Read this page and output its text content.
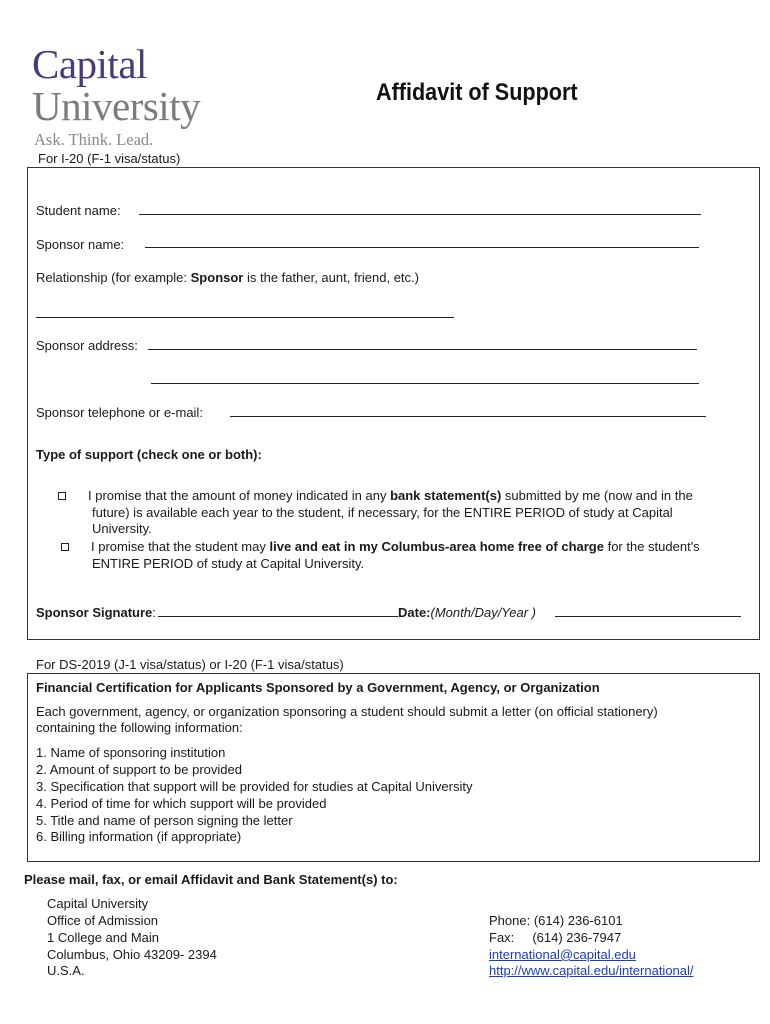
Capital
University
Ask. Think. Lead.
Affidavit of Support
For I-20 (F-1 visa/status)
Student name:
Sponsor name:
Relationship (for example: Sponsor is the father, aunt, friend, etc.)
Sponsor address:
Sponsor telephone or e-mail:
Type of support (check one or both):
I promise that the amount of money indicated in any bank statement(s) submitted by me (now and in the
future) is available each year to the student, if necessary, for the ENTIRE PERIOD of study at Capital
University.
I promise that the student may live and eat in my Columbus-area home free of charge for the student's
ENTIRE PERIOD of study at Capital University.
Sponsor Signature:	Date:(Month/Day/Year )
For DS-2019 (J-1 visa/status) or I-20 (F-1 visa/status)
Financial Certification for Applicants Sponsored by a Government, Agency, or Organization
Each government, agency, or organization sponsoring a student should submit a letter (on official stationery)
containing the following information:
1. Name of sponsoring institution
2. Amount of support to be provided
3. Specification that support will be provided for studies at Capital University
4. Period of time for which support will be provided
5. Title and name of person signing the letter
6. Billing information (if appropriate)
Please mail, fax, or email Affidavit and Bank Statement(s) to:
Capital University
Office of Admission
1 College and Main
Columbus, Ohio 43209- 2394
U.S.A.
Phone: (614) 236-6101
Fax:     (614) 236-7947
international@capital.edu
http://www.capital.edu/international/
